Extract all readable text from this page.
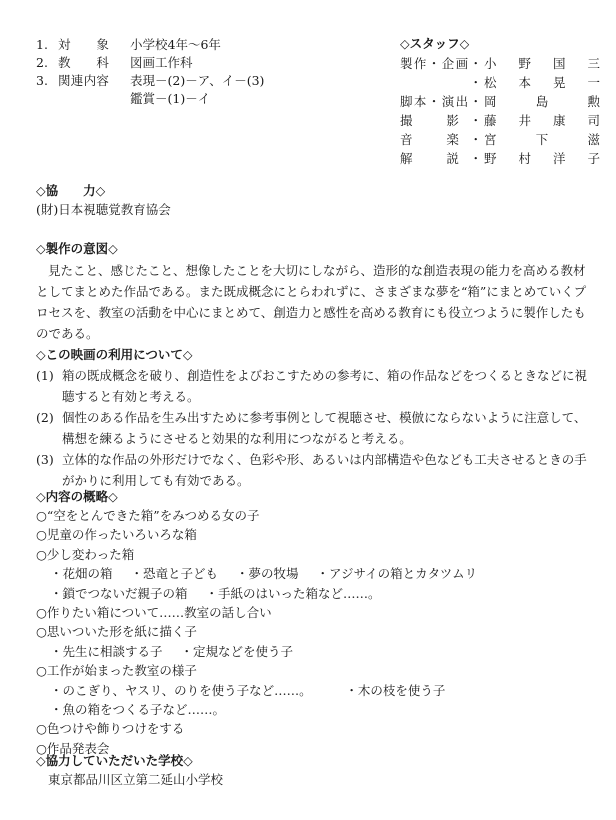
1. 対　　象	小学校4年～6年
2. 教　　科	図画工作科
3. 関連内容	表現－(2)－ア、イ－(3)
鑑賞－(1)－イ
◇スタッフ◇
製作・企画・ 小 野 国 三
・ 松 本 晃 一
脚本・演出・ 岡 島 勲
撮　影・ 藤 井 康 司
音　楽・ 宮 下 滋
解　説・ 野 村 洋 子
◇協　　力◇
(財)日本視聴覚教育協会
◇製作の意図◇

見たこと、感じたこと、想像したことを大切にしながら、造形的な創造表現の能力を高める教材としてまとめた作品である。また既成概念にとらわれずに、さまざまな夢を“箱”にまとめていくプロセスを、教室の活動を中心にまとめて、創造力と感性を高める教育にも役立つように製作したものである。

◇この映画の利用について◇
(1) 箱の既成概念を破り、創造性をよびおこすための参考に、箱の作品などをつくるときなどに視聴すると有効と考える。
(2) 個性のある作品を生み出すために参考事例として視聴させ、模倣にならないように注意して、構想を練るようにさせると効果的な利用につながると考える。
(3) 立体的な作品の外形だけでなく、色彩や形、あるいは内部構造や色なども工夫させるときの手がかりに利用しても有効である。
◇内容の概略◇
○“空をとんできた箱”をみつめる女の子
○児童の作ったいろいろな箱
○少し変わった箱
・花畑の箱 ・恐竜と子ども ・夢の牧場 ・アジサイの箱とカタツムリ
・鎖でつないだ親子の箱 ・手紙のはいった箱など……。
○作りたい箱について……教室の話し合い
○思いついた形を紙に描く子
・先生に相談する子 ・定規などを使う子
○工作が始まった教室の様子
・のこぎり、ヤスリ、のりを使う子など……。	・木の枝を使う子
・魚の箱をつくる子など……。
○色つけや飾りつけをする
○作品発表会
◇協力していただいた学校◇
東京都品川区立第二延山小学校
